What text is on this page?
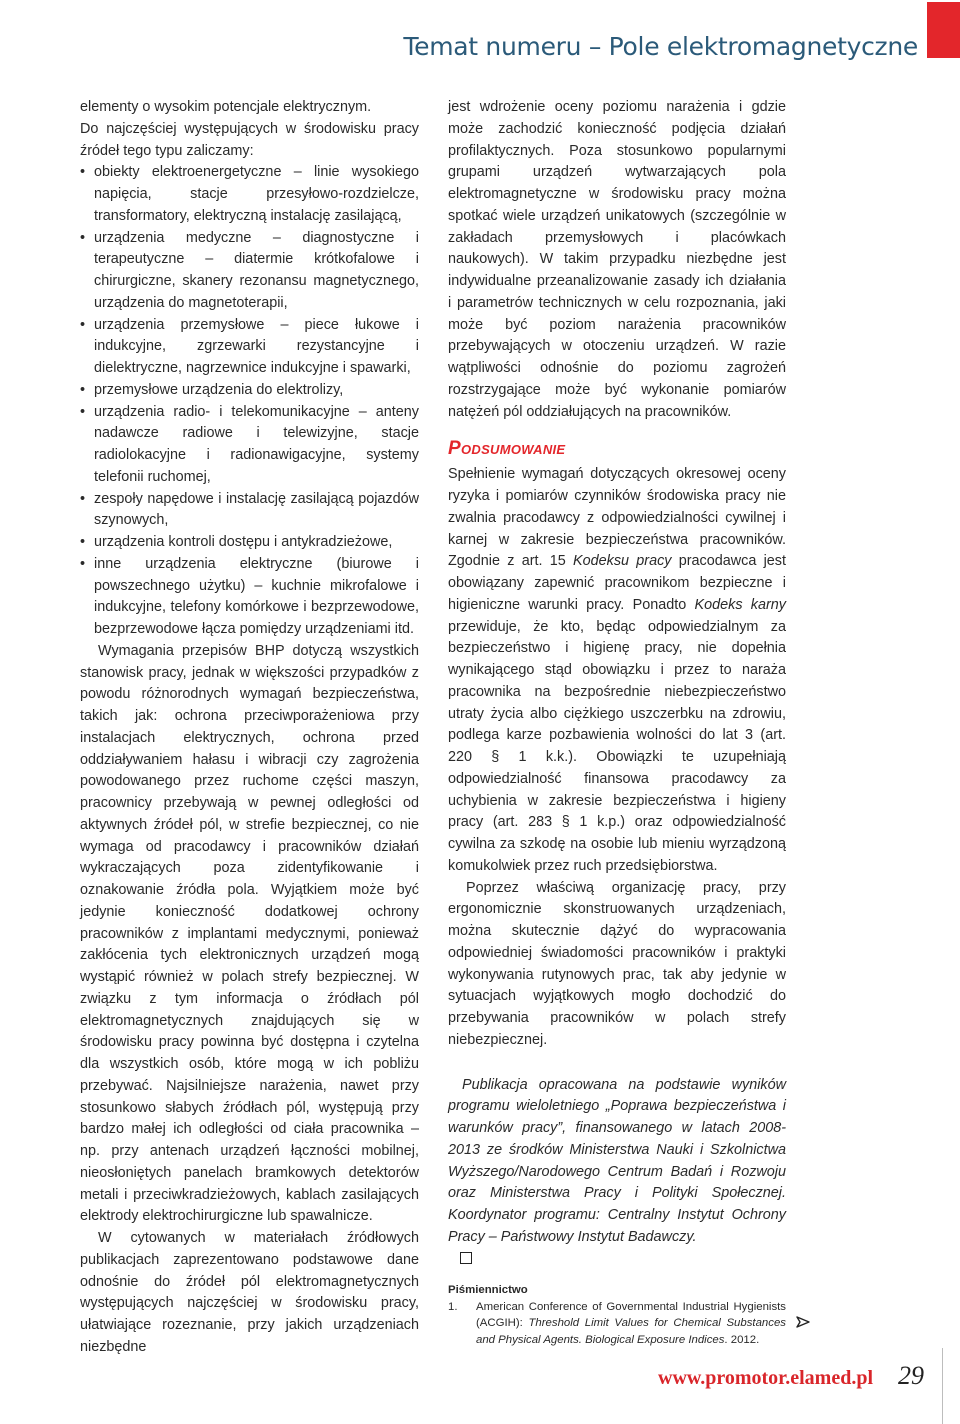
Temat numeru – Pole elektromagnetyczne

elementy o wysokim potencjale elektrycznym.

Do najczęściej występujących w środowisku pracy źródeł tego typu zaliczamy:

• obiekty elektroenergetyczne – linie wysokiego napięcia, stacje przesyłowo-rozdzielcze, transformatory, elektryczną instalację zasilającą,
• urządzenia medyczne – diagnostyczne i terapeutyczne – diatermie krótkofalowe i chirurgiczne, skanery rezonansu magnetycznego, urządzenia do magnetoterapii,
• urządzenia przemysłowe – piece łukowe i indukcyjne, zgrzewarki rezystancyjne i dielektryczne, nagrzewnice indukcyjne i spawarki,
• przemysłowe urządzenia do elektrolizy,
• urządzenia radio- i telekomunikacyjne – anteny nadawcze radiowe i telewizyjne, stacje radiolokacyjne i radionawigacyjne, systemy telefonii ruchomej,
• zespoły napędowe i instalację zasilającą pojazdów szynowych,
• urządzenia kontroli dostępu i antykradzieżowe,
• inne urządzenia elektryczne (biurowe i powszechnego użytku) – kuchnie mikrofalowe i indukcyjne, telefony komórkowe i bezprzewodowe, bezprzewodowe łącza pomiędzy urządzeniami itd.

Wymagania przepisów BHP dotyczą wszystkich stanowisk pracy, jednak w większości przypadków z powodu różnorodnych wymagań bezpieczeństwa, takich jak: ochrona przeciwporażeniowa przy instalacjach elektrycznych, ochrona przed oddziaływaniem hałasu i wibracji czy zagrożenia powodowanego przez ruchome części maszyn, pracownicy przebywają w pewnej odległości od aktywnych źródeł pól, w strefie bezpiecznej, co nie wymaga od pracodawcy i pracowników działań wykraczających poza zidentyfikowanie i oznakowanie źródła pola. Wyjątkiem może być jedynie konieczność dodatkowej ochrony pracowników z implantami medycznymi, ponieważ zakłócenia tych elektronicznych urządzeń mogą wystąpić również w polach strefy bezpiecznej. W związku z tym informacja o źródłach pól elektromagnetycznych znajdujących się w środowisku pracy powinna być dostępna i czytelna dla wszystkich osób, które mogą w ich pobliżu przebywać. Najsilniejsze narażenia, nawet przy stosunkowo słabych źródłach pól, występują przy bardzo małej ich odległości od ciała pracownika – np. przy antenach urządzeń łączności mobilnej, nieosłoniętych panelach bramkowych detektorów metali i przeciwkradzieżowych, kablach zasilających elektrody elektrochirurgiczne lub spawalnicze.

W cytowanych w materiałach źródłowych publikacjach zaprezentowano podstawowe dane odnośnie do źródeł pól elektromagnetycznych występujących najczęściej w środowisku pracy, ułatwiające rozeznanie, przy jakich urządzeniach niezbędne

jest wdrożenie oceny poziomu narażenia i gdzie może zachodzić konieczność podjęcia działań profilaktycznych. Poza stosunkowo popularnymi grupami urządzeń wytwarzających pola elektromagnetyczne w środowisku pracy można spotkać wiele urządzeń unikatowych (szczególnie w zakładach przemysłowych i placówkach naukowych). W takim przypadku niezbędne jest indywidualne przeanalizowanie zasady ich działania i parametrów technicznych w celu rozpoznania, jaki może być poziom narażenia pracowników przebywających w otoczeniu urządzeń. W razie wątpliwości odnośnie do poziomu zagrożeń rozstrzygające może być wykonanie pomiarów natężeń pól oddziałujących na pracowników.

Podsumowanie

Spełnienie wymagań dotyczących okresowej oceny ryzyka i pomiarów czynników środowiska pracy nie zwalnia pracodawcy z odpowiedzialności cywilnej i karnej w zakresie bezpieczeństwa pracowników. Zgodnie z art. 15 Kodeksu pracy pracodawca jest obowiązany zapewnić pracownikom bezpieczne i higieniczne warunki pracy. Ponadto Kodeks karny przewiduje, że kto, będąc odpowiedzialnym za bezpieczeństwo i higienę pracy, nie dopełnia wynikającego stąd obowiązku i przez to naraża pracownika na bezpośrednie niebezpieczeństwo utraty życia albo ciężkiego uszczerbku na zdrowiu, podlega karze pozbawienia wolności do lat 3 (art. 220 § 1 k.k.). Obowiązki te uzupełniają odpowiedzialność finansowa pracodawcy za uchybienia w zakresie bezpieczeństwa i higieny pracy (art. 283 § 1 k.p.) oraz odpowiedzialność cywilna za szkodę na osobie lub mieniu wyrządzoną komukolwiek przez ruch przedsiębiorstwa.

Poprzez właściwą organizację pracy, przy ergonomicznie skonstruowanych urządzeniach, można skutecznie dążyć do wypracowania odpowiedniej świadomości pracowników i praktyki wykonywania rutynowych prac, tak aby jedynie w sytuacjach wyjątkowych mogło dochodzić do przebywania pracowników w polach strefy niebezpiecznej.

Publikacja opracowana na podstawie wyników programu wieloletniego „Poprawa bezpieczeństwa i warunków pracy”, finansowanego w latach 2008-2013 ze środków Ministerstwa Nauki i Szkolnictwa Wyższego/Narodowego Centrum Badań i Rozwoju oraz Ministerstwa Pracy i Polityki Społecznej. Koordynator programu: Centralny Instytut Ochrony Pracy – Państwowy Instytut Badawczy.
Piśmiennictwo
1.	American Conference of Governmental Industrial Hygienists (ACGIH): Threshold Limit Values for Chemical Substances and Physical Agents. Biological Exposure Indices. 2012.
www.promotor.elamed.pl 29
